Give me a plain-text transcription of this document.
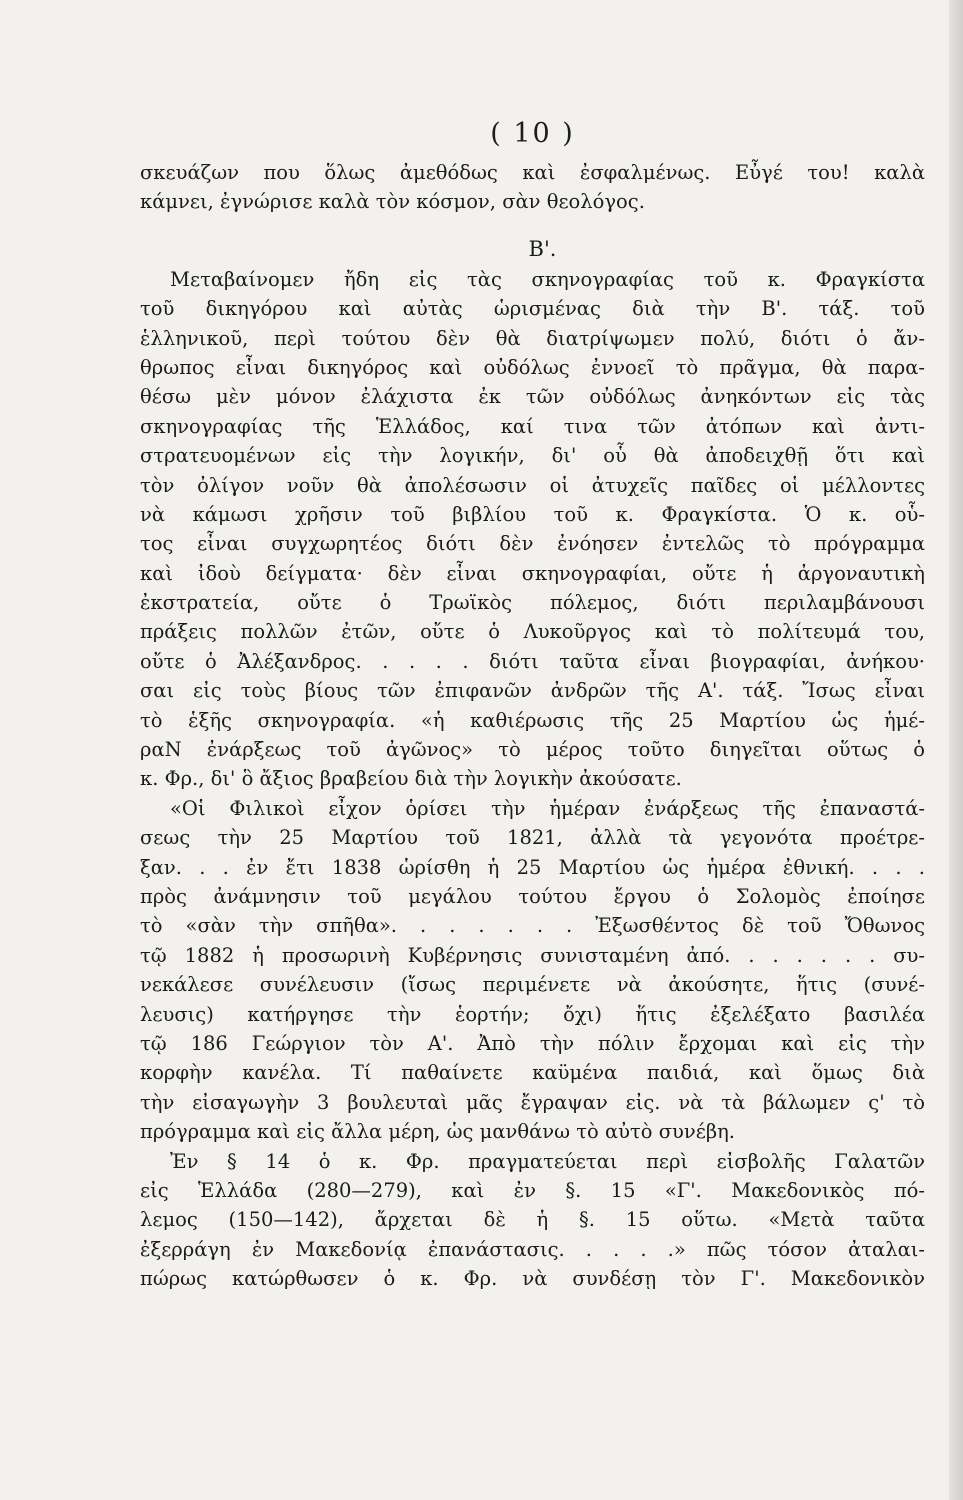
( 10 )
σκευάζων που ὅλως ἀμεθόδως καὶ ἐσφαλμένως. Εὖγέ του! καλὰ
κάμνει, ἐγνώρισε καλὰ τὸν κόσμον, σὰν θεολόγος.
Β'.
Μεταβαίνομεν ἤδη εἰς τὰς σκηνογραφίας τοῦ κ. Φραγκίστα
τοῦ δικηγόρου καὶ αὐτὰς ὡρισμένας διὰ τὴν Β'. τάξ. τοῦ
ἑλληνικοῦ, περὶ τούτου δὲν θὰ διατρίψωμεν πολύ, διότι ὁ ἄν-
θρωπος εἶναι δικηγόρος καὶ οὐδόλως ἐννοεῖ τὸ πρᾶγμα, θὰ παρα-
θέσω μὲν μόνον ἐλάχιστα ἐκ τῶν οὐδόλως ἀνηκόντων εἰς τὰς
σκηνογραφίας τῆς Ἑλλάδος, καί τινα τῶν ἀτόπων καὶ ἀντι-
στρατευομένων εἰς τὴν λογικήν, δι' οὗ θὰ ἀποδειχθῇ ὅτι καὶ
τὸν ὀλίγον νοῦν θὰ ἀπολέσωσιν οἱ ἀτυχεῖς παῖδες οἱ μέλλοντες
νὰ κάμωσι χρῆσιν τοῦ βιβλίου τοῦ κ. Φραγκίστα. Ὁ κ. οὗ-
τος εἶναι συγχωρητέος διότι δὲν ἐνόησεν ἐντελῶς τὸ πρόγραμμα
καὶ ἰδοὺ δείγματα· δὲν εἶναι σκηνογραφίαι, οὔτε ἡ ἀργοναυτικὴ
ἐκστρατεία, οὔτε ὁ Τρωϊκὸς πόλεμος, διότι περιλαμβάνουσι
πράξεις πολλῶν ἐτῶν, οὔτε ὁ Λυκοῦργος καὶ τὸ πολίτευμά του,
οὔτε ὁ Ἀλέξανδρος. . . . . διότι ταῦτα εἶναι βιογραφίαι, ἀνήκου·
σαι εἰς τοὺς βίους τῶν ἐπιφανῶν ἀνδρῶν τῆς Α'. τάξ. Ἴσως εἶναι
τὸ ἑξῆς σκηνογραφία. «ἡ καθιέρωσις τῆς 25 Μαρτίου ὡς ἡμέ-
ραΝ ἐνάρξεως τοῦ ἀγῶνος» τὸ μέρος τοῦτο διηγεῖται οὕτως ὁ
κ. Φρ., δι' ὃ ἄξιος βραβείου διὰ τὴν λογικὴν ἀκούσατε.
«Οἱ Φιλικοὶ εἶχον ὁρίσει τὴν ἡμέραν ἐνάρξεως τῆς ἐπαναστά-
σεως τὴν 25 Μαρτίου τοῦ 1821, ἀλλὰ τὰ γεγονότα προέτρε-
ξαν. . . ἐν ἔτι 1838 ὡρίσθη ἡ 25 Μαρτίου ὡς ἡμέρα ἐθνική. . . .
πρὸς ἀνάμνησιν τοῦ μεγάλου τούτου ἔργου ὁ Σολομὸς ἐποίησε
τὸ «σὰν τὴν σπῆθα». . . . . . . Ἐξωσθέντος δὲ τοῦ Ὄθωνος
τῷ 1882 ἡ προσωρινὴ Κυβέρνησις συνισταμένη ἀπό. . . . . . . συ-
νεκάλεσε συνέλευσιν (ἴσως περιμένετε νὰ ἀκούσητε, ἥτις (συνέ-
λευσις) κατήργησε τὴν ἑορτήν; ὄχι) ἥτις ἐξελέξατο βασιλέα
τῷ 186 Γεώργιον τὸν Α'. Ἀπὸ τὴν πόλιν ἔρχομαι καὶ εἰς τὴν
κορφὴν κανέλα. Τί παθαίνετε καϋμένα παιδιά, καὶ ὅμως διὰ
τὴν εἰσαγωγὴν 3 βουλευταὶ μᾶς ἔγραψαν εἰς. νὰ τὰ βάλωμεν ς' τὸ
πρόγραμμα καὶ εἰς ἄλλα μέρη, ὡς μανθάνω τὸ αὐτὸ συνέβη.
Ἐν § 14 ὁ κ. Φρ. πραγματεύεται περὶ εἰσβολῆς Γαλατῶν
εἰς Ἑλλάδα (280—279), καὶ ἐν §. 15 «Γ'. Μακεδονικὸς πό-
λεμος (150—142), ἄρχεται δὲ ἡ §. 15 οὕτω. «Μετὰ ταῦτα
ἐξερράγη ἐν Μακεδονίᾳ ἐπανάστασις. . . . .» πῶς τόσον ἀταλαι-
πώρως κατώρθωσεν ὁ κ. Φρ. νὰ συνδέσῃ τὸν Γ'. Μακεδονικὸν
